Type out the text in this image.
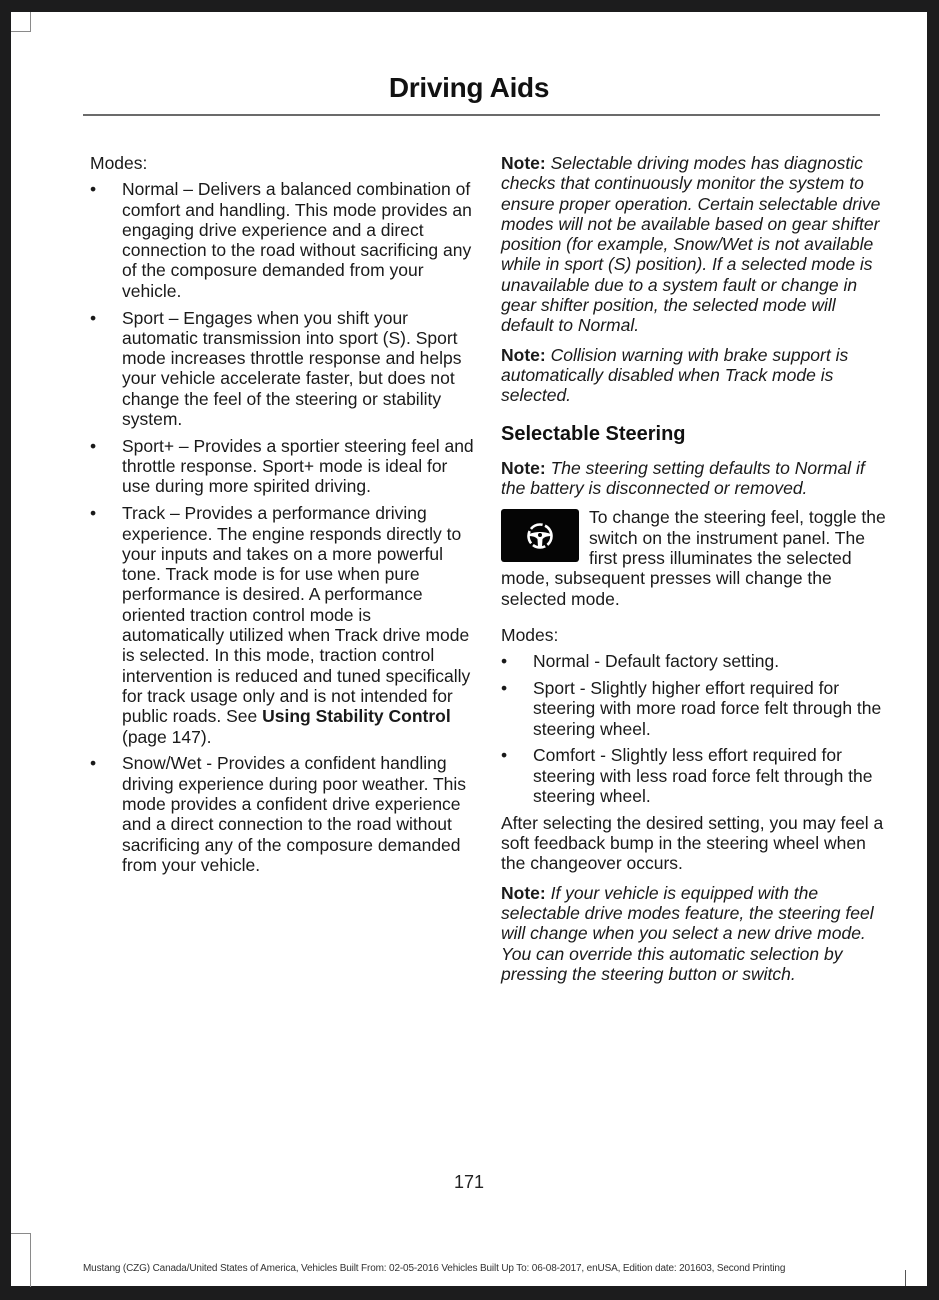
Driving Aids

Modes:

• Normal – Delivers a balanced combination of comfort and handling. This mode provides an engaging drive experience and a direct connection to the road without sacrificing any of the composure demanded from your vehicle.
• Sport – Engages when you shift your automatic transmission into sport (S). Sport mode increases throttle response and helps your vehicle accelerate faster, but does not change the feel of the steering or stability system.
• Sport+ – Provides a sportier steering feel and throttle response. Sport+ mode is ideal for use during more spirited driving.
• Track – Provides a performance driving experience. The engine responds directly to your inputs and takes on a more powerful tone. Track mode is for use when pure performance is desired. A performance oriented traction control mode is automatically utilized when Track drive mode is selected. In this mode, traction control intervention is reduced and tuned specifically for track usage only and is not intended for public roads. See Using Stability Control (page 147).
• Snow/Wet - Provides a confident handling driving experience during poor weather. This mode provides a confident drive experience and a direct connection to the road without sacrificing any of the composure demanded from your vehicle.

Note: Selectable driving modes has diagnostic checks that continuously monitor the system to ensure proper operation. Certain selectable drive modes will not be available based on gear shifter position (for example, Snow/Wet is not available while in sport (S) position). If a selected mode is unavailable due to a system fault or change in gear shifter position, the selected mode will default to Normal.

Note: Collision warning with brake support is automatically disabled when Track mode is selected.

Selectable Steering

Note: The steering setting defaults to Normal if the battery is disconnected or removed.

To change the steering feel, toggle the switch on the instrument panel. The first press illuminates the selected mode, subsequent presses will change the selected mode.

Modes:

• Normal - Default factory setting.
• Sport - Slightly higher effort required for steering with more road force felt through the steering wheel.
• Comfort - Slightly less effort required for steering with less road force felt through the steering wheel.

After selecting the desired setting, you may feel a soft feedback bump in the steering wheel when the changeover occurs.

Note: If your vehicle is equipped with the selectable drive modes feature, the steering feel will change when you select a new drive mode. You can override this automatic selection by pressing the steering button or switch.

171
Mustang (CZG) Canada/United States of America, Vehicles Built From: 02-05-2016 Vehicles Built Up To: 06-08-2017, enUSA, Edition date: 201603, Second Printing
